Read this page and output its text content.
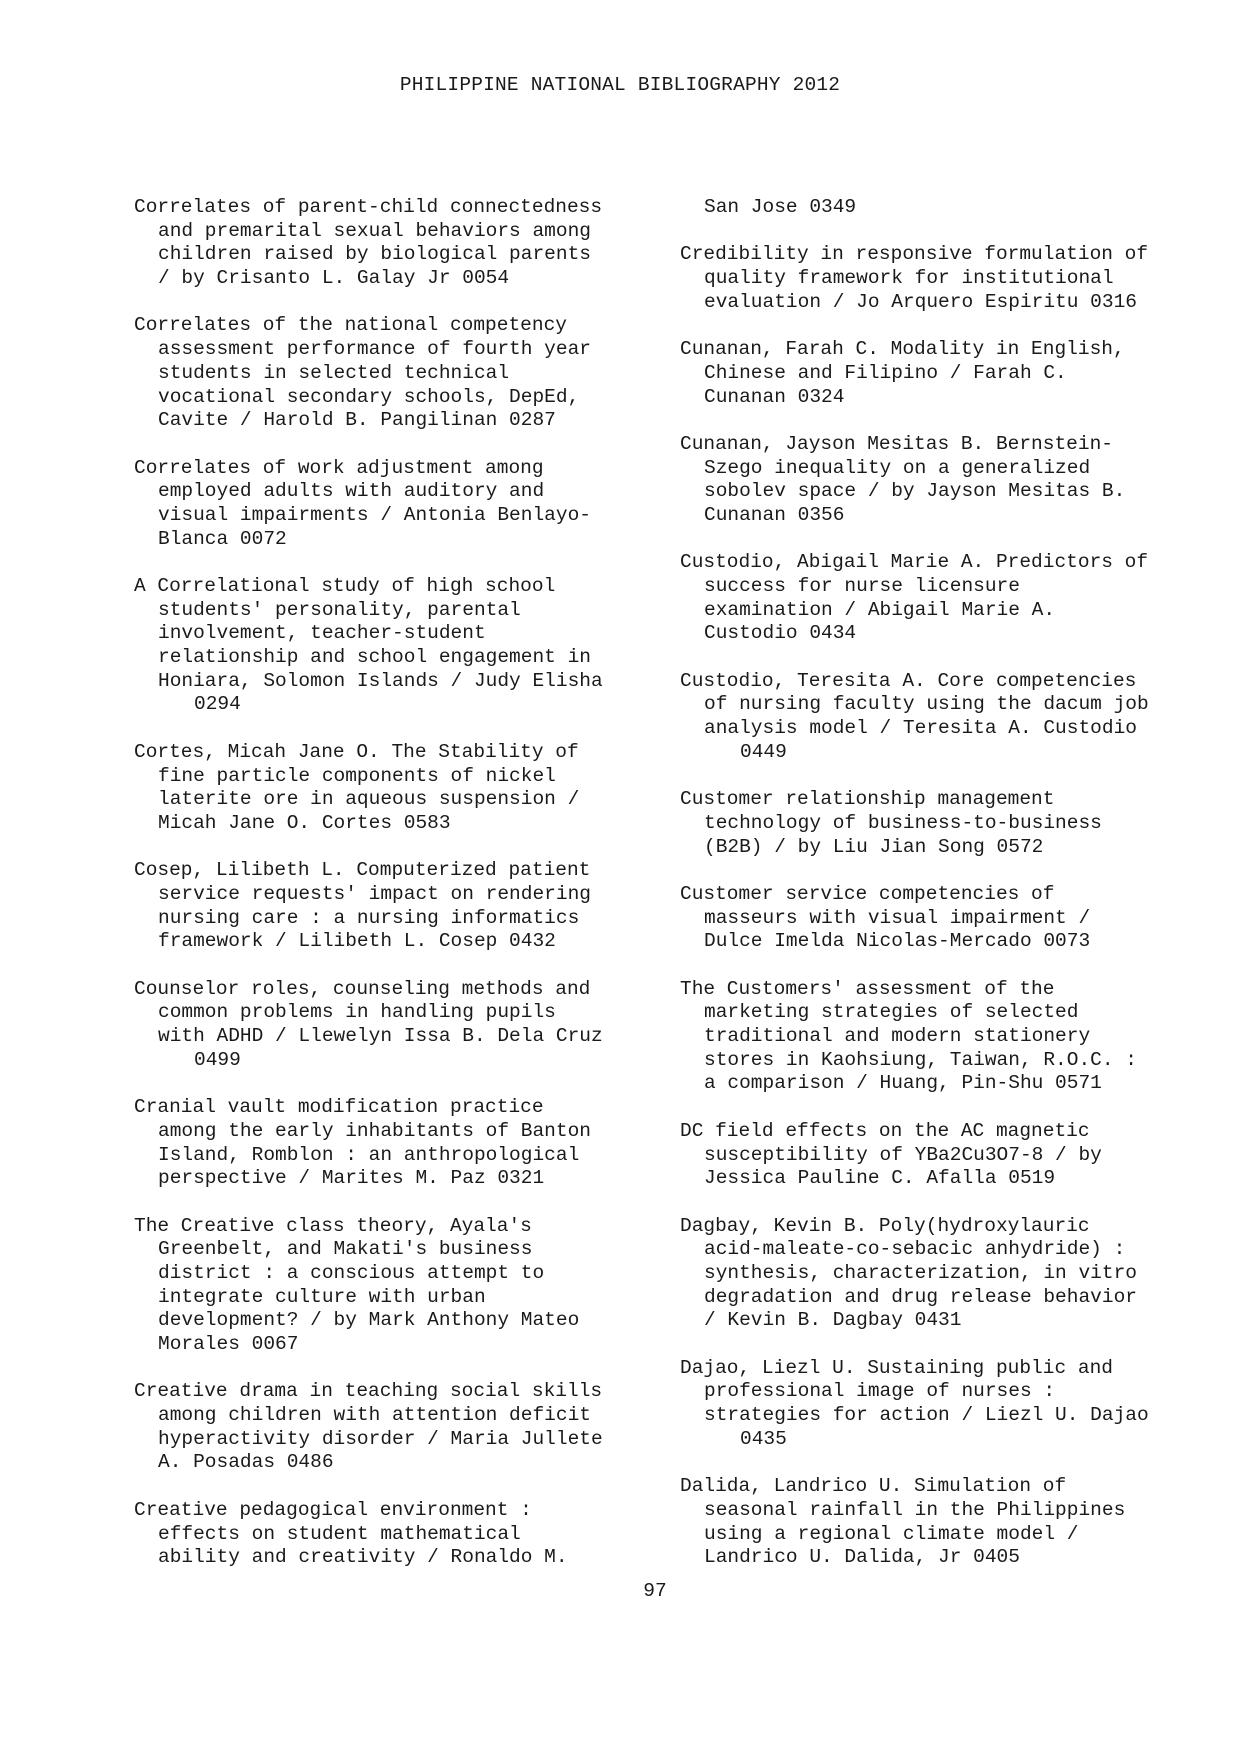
PHILIPPINE NATIONAL BIBLIOGRAPHY 2012
Correlates of parent-child connectedness
and premarital sexual behaviors among
children raised by biological parents
/ by Crisanto L. Galay Jr 0054
Correlates of the national competency
assessment performance of fourth year
students in selected technical
vocational secondary schools, DepEd,
Cavite / Harold B. Pangilinan 0287
Correlates of work adjustment among
employed adults with auditory and
visual impairments / Antonia Benlayo-
Blanca 0072
A Correlational study of high school
students' personality, parental
involvement, teacher-student
relationship and school engagement in
Honiara, Solomon Islands / Judy Elisha
0294
Cortes, Micah Jane O. The Stability of
fine particle components of nickel
laterite ore in aqueous suspension /
Micah Jane O. Cortes 0583
Cosep, Lilibeth L. Computerized patient
service requests' impact on rendering
nursing care : a nursing informatics
framework / Lilibeth L. Cosep 0432
Counselor roles, counseling methods and
common problems in handling pupils
with ADHD / Llewelyn Issa B. Dela Cruz
0499
Cranial vault modification practice
among the early inhabitants of Banton
Island, Romblon : an anthropological
perspective / Marites M. Paz 0321
The Creative class theory, Ayala's
Greenbelt, and Makati's business
district : a conscious attempt to
integrate culture with urban
development? / by Mark Anthony Mateo
Morales 0067
Creative drama in teaching social skills
among children with attention deficit
hyperactivity disorder / Maria Jullete
A. Posadas 0486
Creative pedagogical environment :
effects on student mathematical
ability and creativity / Ronaldo M.
San Jose 0349
Credibility in responsive formulation of
quality framework for institutional
evaluation / Jo Arquero Espiritu 0316
Cunanan, Farah C. Modality in English,
Chinese and Filipino / Farah C.
Cunanan 0324
Cunanan, Jayson Mesitas B. Bernstein-
Szego inequality on a generalized
sobolev space / by Jayson Mesitas B.
Cunanan 0356
Custodio, Abigail Marie A. Predictors of
success for nurse licensure
examination / Abigail Marie A.
Custodio 0434
Custodio, Teresita A. Core competencies
of nursing faculty using the dacum job
analysis model / Teresita A. Custodio
0449
Customer relationship management
technology of business-to-business
(B2B) / by Liu Jian Song 0572
Customer service competencies of
masseurs with visual impairment /
Dulce Imelda Nicolas-Mercado 0073
The Customers' assessment of the
marketing strategies of selected
traditional and modern stationery
stores in Kaohsiung, Taiwan, R.O.C. :
a comparison / Huang, Pin-Shu 0571
DC field effects on the AC magnetic
susceptibility of YBa2Cu3O7-8 / by
Jessica Pauline C. Afalla 0519
Dagbay, Kevin B. Poly(hydroxylauric
acid-maleate-co-sebacic anhydride) :
synthesis, characterization, in vitro
degradation and drug release behavior
/ Kevin B. Dagbay 0431
Dajao, Liezl U. Sustaining public and
professional image of nurses :
strategies for action / Liezl U. Dajao
0435
Dalida, Landrico U. Simulation of
seasonal rainfall in the Philippines
using a regional climate model /
Landrico U. Dalida, Jr 0405
97
